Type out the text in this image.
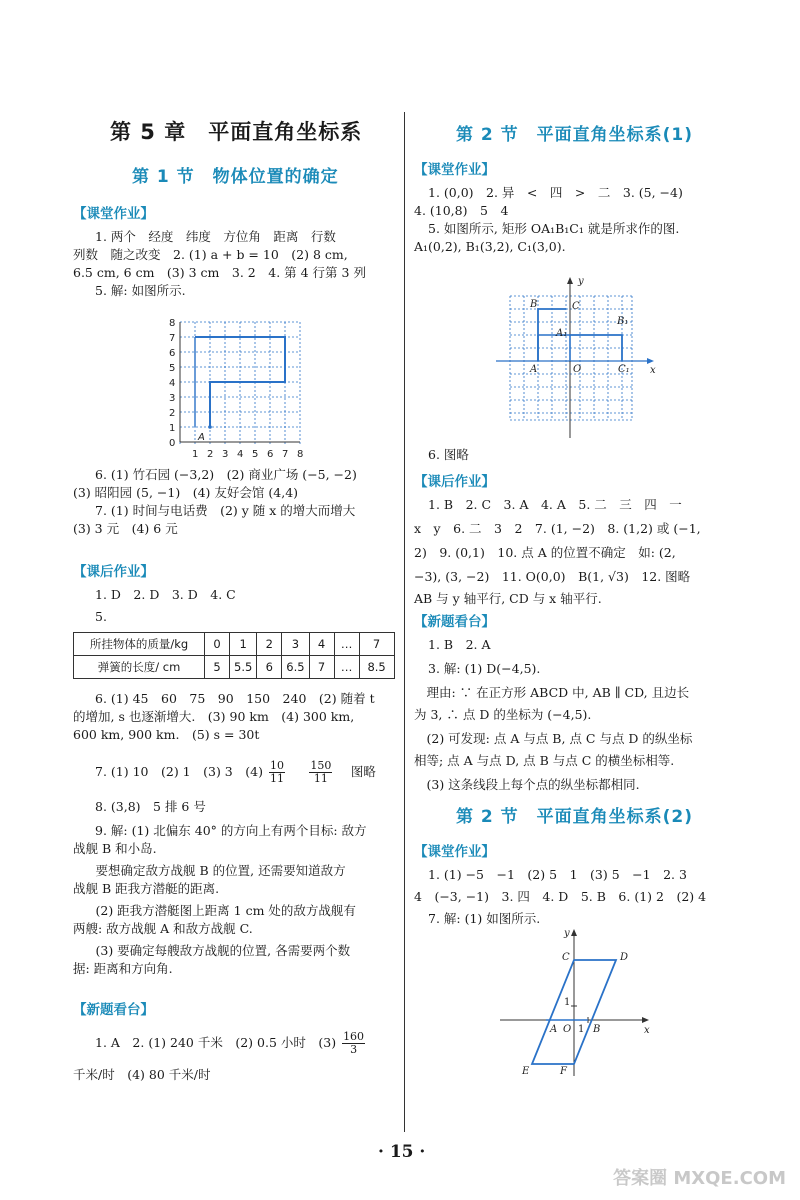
第 5 章　平面直角坐标系
第 1 节　物体位置的确定
【课堂作业】
1. 两个　经度　纬度　方位角　距离　行数
列数　随之改变　2. (1) a + b = 10　(2) 8 cm,
6.5 cm, 6 cm　(3) 3 cm　3. 2　4. 第 4 行第 3 列
5. 解: 如图所示.
8
7
6
5
4
3
2
1
0
1 2 3 4 5 6 7 8
A
6. (1) 竹石园 (−3,2)　(2) 商业广场 (−5, −2)
(3) 昭阳园 (5, −1)　(4) 友好会馆 (4,4)
7. (1) 时间与电话费　(2) y 随 x 的增大而增大
(3) 3 元　(4) 6 元
【课后作业】
1. D　2. D　3. D　4. C
5.
所挂物体的质量/kg	0	1	2	3	4	…	7
弹簧的长度/ cm	5	5.5	6	6.5	7	…	8.5
6. (1) 45　60　75　90　150　240　(2) 随着 t
的增加, s 也逐渐增大.　(3) 90 km　(4) 300 km,
600 km, 900 km.　(5) s = 30t
7. (1) 10　(2) 1　(3) 3　$(4) \frac{10}{11}$
　 $\frac{150}{11}$
　 图略
8. (3,8)　5 排 6 号
9. 解: (1) 北偏东 40° 的方向上有两个目标: 敌方
战舰 B 和小岛.
　要想确定敌方战舰 B 的位置, 还需要知道敌方
战舰 B 距我方潜艇的距离.
　(2) 距我方潜艇图上距离 1 cm 处的敌方战舰有
两艘: 敌方战舰 A 和敌方战舰 C.
　(3) 要确定每艘敌方战舰的位置, 各需要两个数
据: 距离和方向角.
【新题看台】
1. A　2. (1) 240 千米　(2) 0.5 小时　$(3) \frac{160}{3}$
千米/时　(4) 80 千米/时
第 2 节　平面直角坐标系(1)
【课堂作业】
1. (0,0)　2. 异　<　四　>　二　3. (5, −4)
4. (10,8)　5　4
5. 如图所示, 矩形 OA₁B₁C₁ 就是所求作的图.
A₁(0,2), B₁(3,2), C₁(3,0).
y
x
B	C
B₁
A₁
A	O	C₁
6. 图略
【课后作业】
1. B　2. C　3. A　4. A　5. 二　三　四　一
x　y　6. 二　3　2　7. (1, −2)　8. (1,2) 或 (−1,
2)　9. (0,1)　10. 点 A 的位置不确定　如: (2,
−3), (3, −2)　11. O(0,0)　B(1, √3)　12. 图略
AB 与 y 轴平行, CD 与 x 轴平行.
【新题看台】
1. B　2. A
3. 解: (1) D(−4,5).
　理由: ∵ 在正方形 ABCD 中, AB ∥ CD, 且边长
为 3, ∴ 点 D 的坐标为 (−4,5).
　(2) 可发现: 点 A 与点 B, 点 C 与点 D 的纵坐标
相等; 点 A 与点 D, 点 B 与点 C 的横坐标相等.
　(3) 这条线段上每个点的纵坐标都相同.
第 2 节　平面直角坐标系(2)
【课堂作业】
1. (1) −5　−1　(2) 5　1　(3) 5　−1　2. 3
4　(−3, −1)　3. 四　4. D　5. B　6. (1) 2　(2) 4
7. 解: (1) 如图所示.
y
x
C	D
1
A O 1 B
E	F
· 15 ·
答案圈 MXQE.COM
